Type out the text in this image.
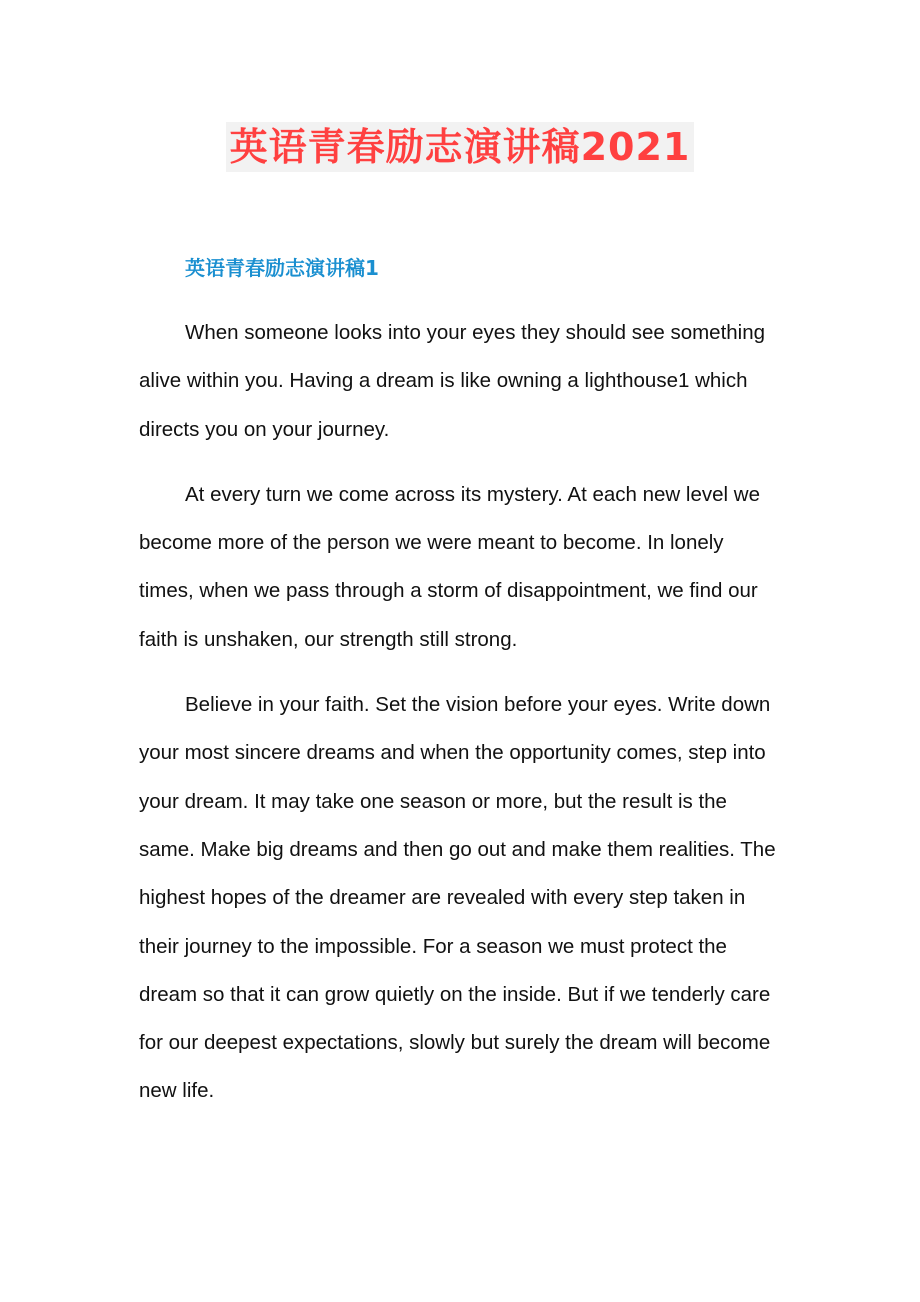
英语青春励志演讲稿2021
英语青春励志演讲稿1

When someone looks into your eyes they should see something alive within you. Having a dream is like owning a lighthouse1 which directs you on your journey.

At every turn we come across its mystery. At each new level we become more of the person we were meant to become. In lonely times, when we pass through a storm of disappointment, we find our faith is unshaken, our strength still strong.

Believe in your faith. Set the vision before your eyes. Write down your most sincere dreams and when the opportunity comes, step into your dream. It may take one season or more, but the result is the same. Make big dreams and then go out and make them realities. The highest hopes of the dreamer are revealed with every step taken in their journey to the impossible. For a season we must protect the dream so that it can grow quietly on the inside. But if we tenderly care for our deepest expectations, slowly but surely the dream will become new life.
